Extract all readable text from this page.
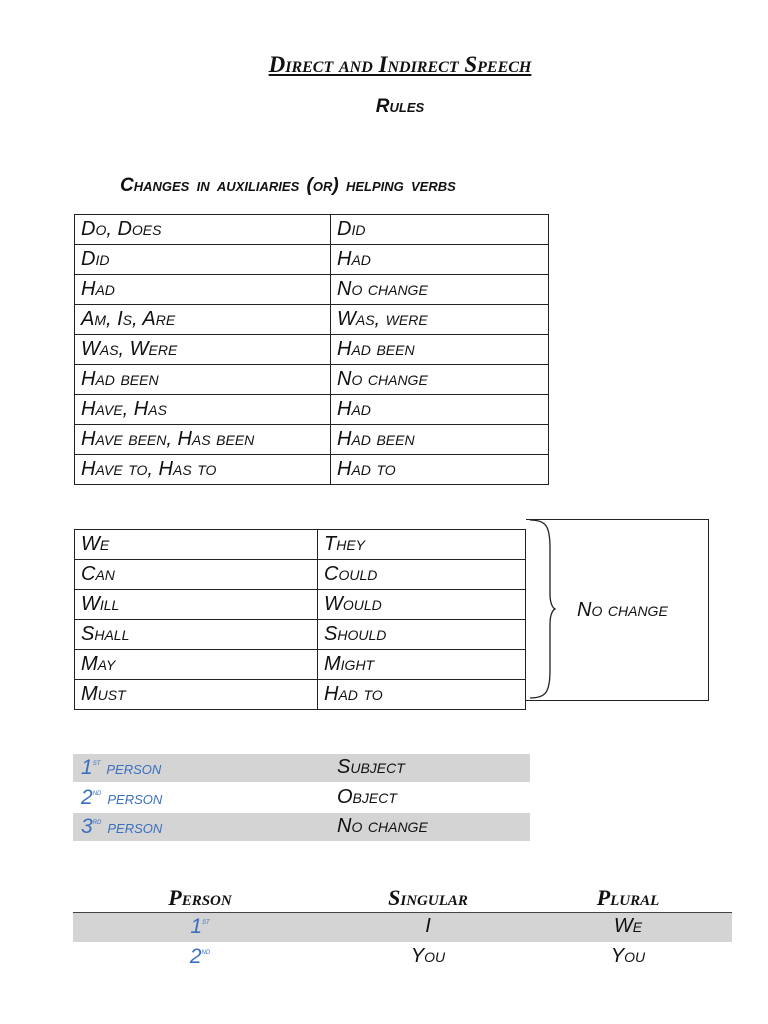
Direct and Indirect Speech
Rules
Changes in auxiliaries (or) helping verbs
Do, Does	Did
Did	Had
Had	No change
Am, Is, Are	Was, were
Was, Were	Had been
Had been	No change
Have, Has	Had
Have been, Has been	Had been
Have to, Has to	Had to
We	They
Can	Could
Will	Would
Shall	Should
May	Might
Must	Had to
No change
1st person	Subject
2nd person	Object
3rd person	No change
Person	Singular	Plural
1st	I	We
2nd	You	You
